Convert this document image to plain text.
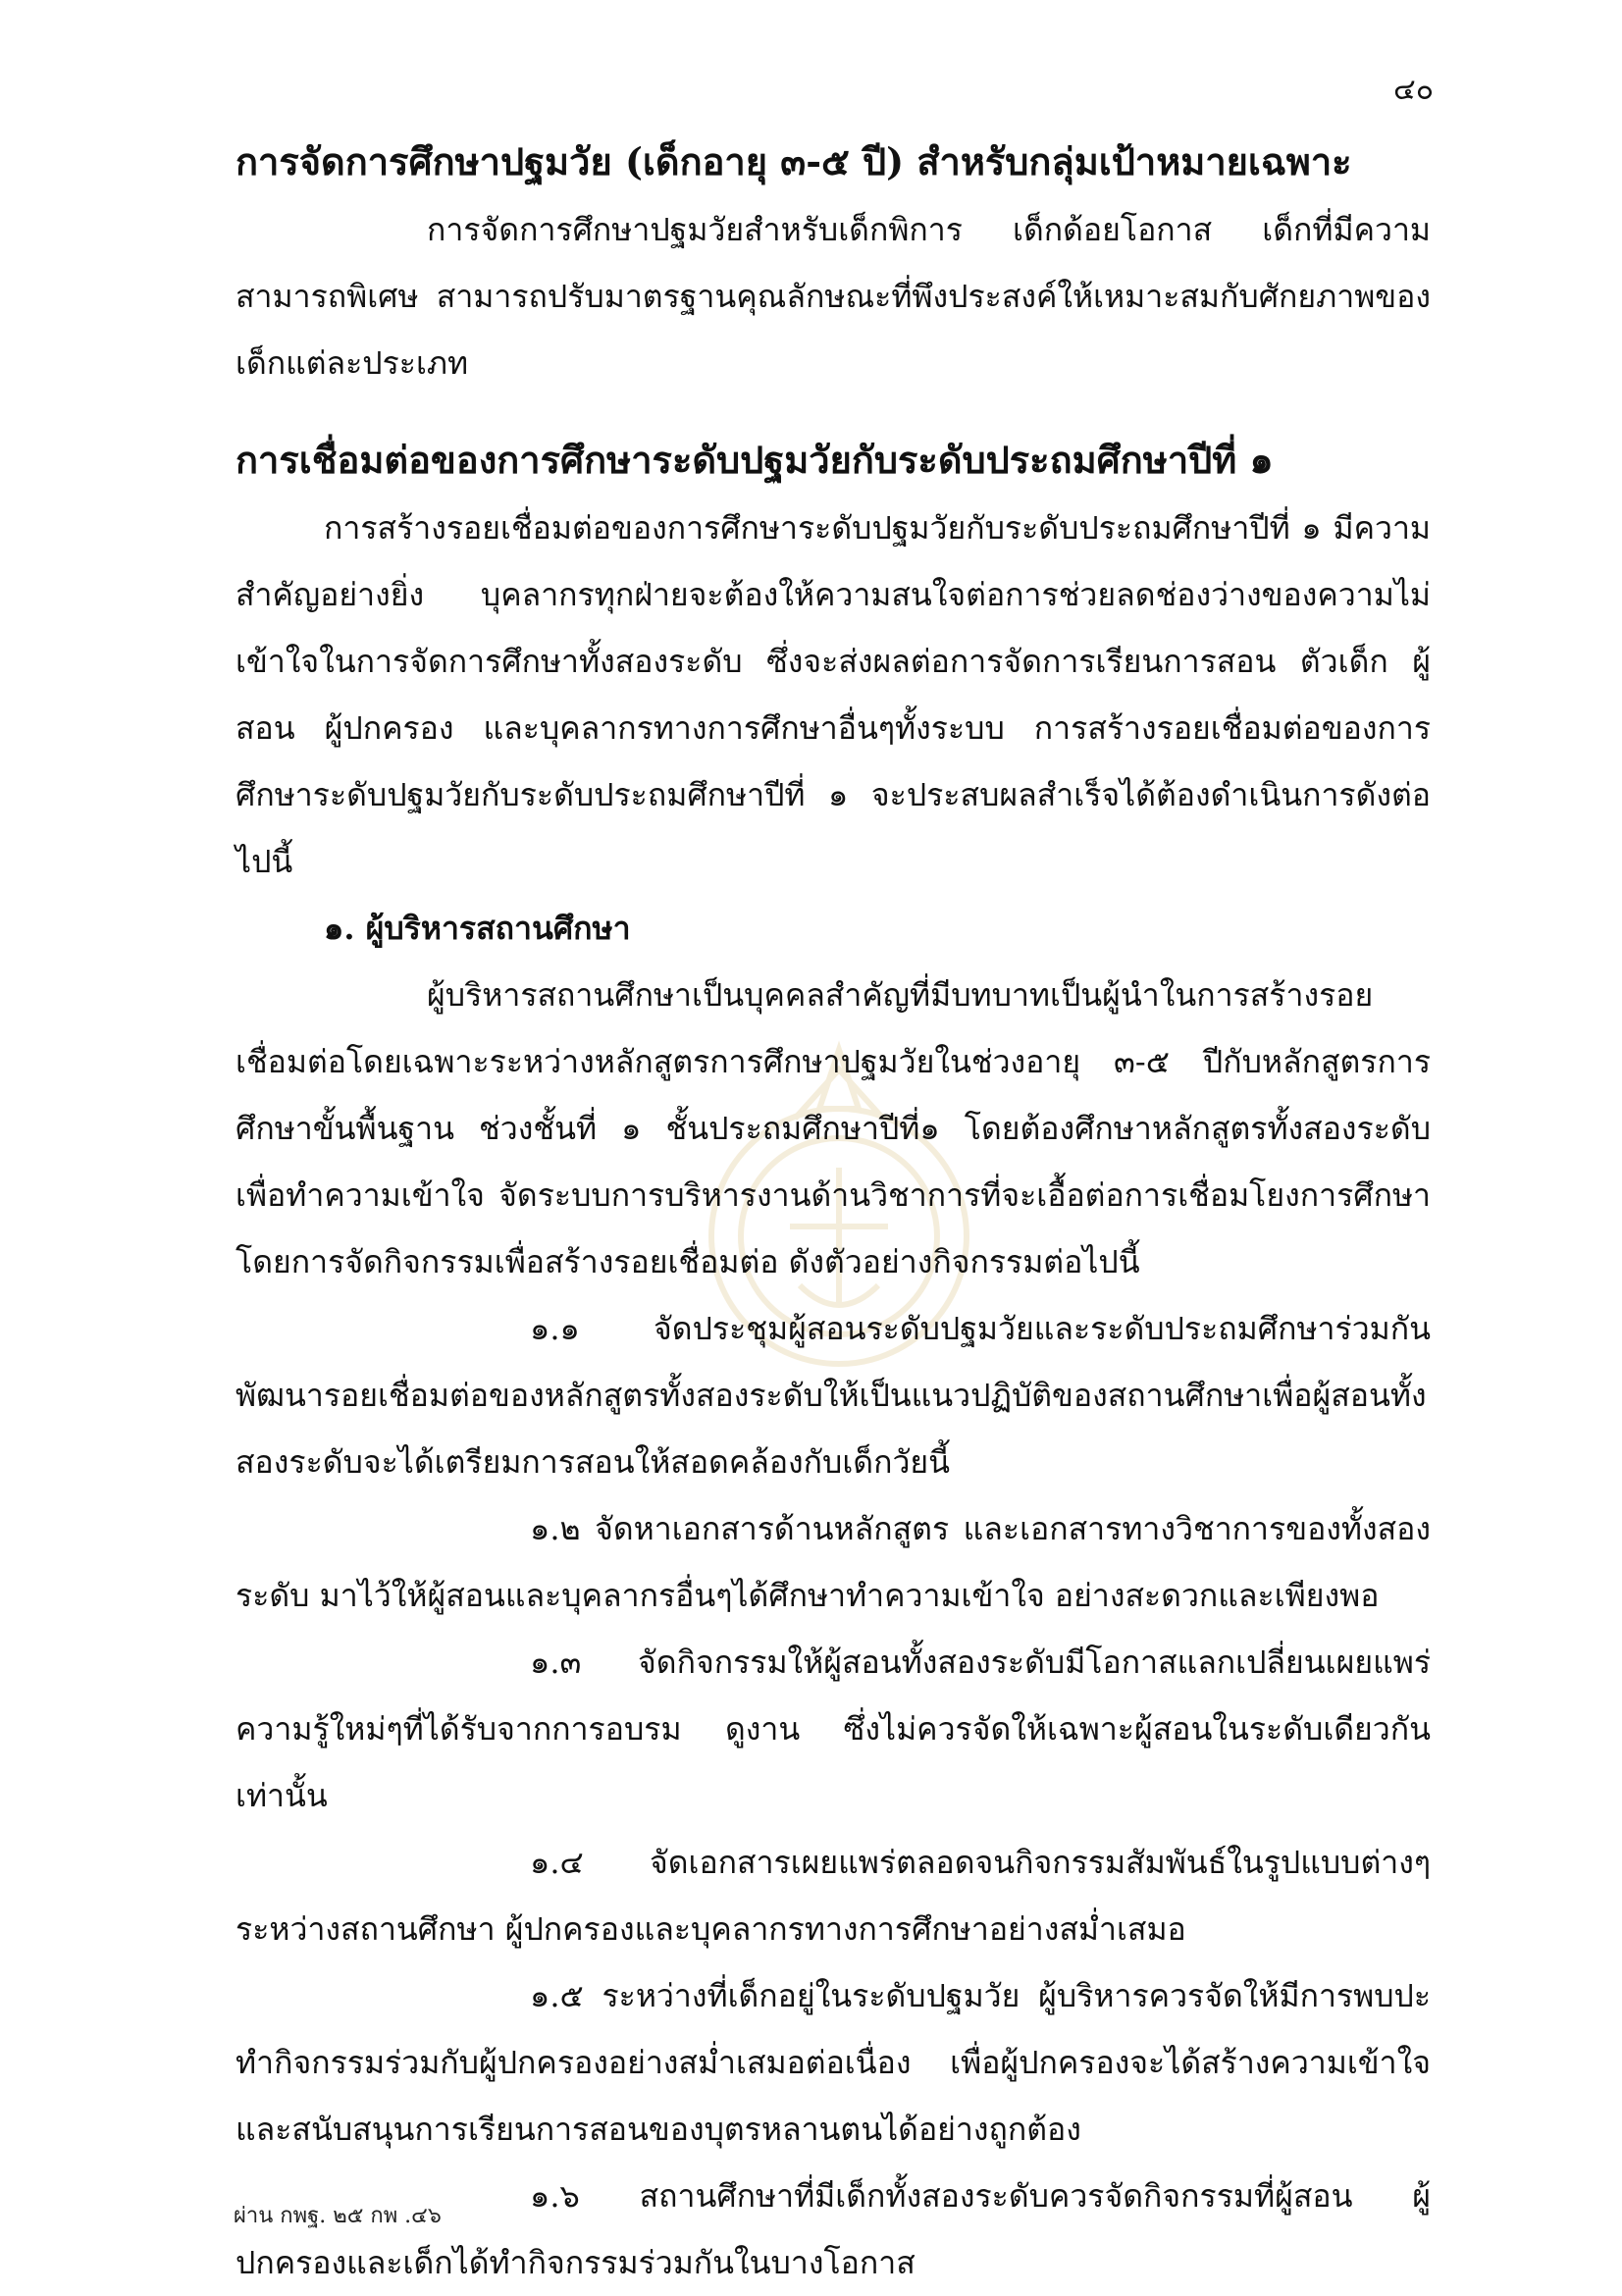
๔๐
การจัดการศึกษาปฐมวัย (เด็กอายุ ๓-๕ ปี) สำหรับกลุ่มเป้าหมายเฉพาะ

การจัดการศึกษาปฐมวัยสำหรับเด็กพิการ เด็กด้อยโอกาส เด็กที่มีความสามารถพิเศษ สามารถปรับมาตรฐานคุณลักษณะที่พึงประสงค์ให้เหมาะสมกับศักยภาพของเด็กแต่ละประเภท

การเชื่อมต่อของการศึกษาระดับปฐมวัยกับระดับประถมศึกษาปีที่ ๑

การสร้างรอยเชื่อมต่อของการศึกษาระดับปฐมวัยกับระดับประถมศึกษาปีที่ ๑ มีความสำคัญอย่างยิ่ง บุคลากรทุกฝ่ายจะต้องให้ความสนใจต่อการช่วยลดช่องว่างของความไม่เข้าใจในการจัดการศึกษาทั้งสองระดับ ซึ่งจะส่งผลต่อการจัดการเรียนการสอน ตัวเด็ก ผู้สอน ผู้ปกครอง และบุคลากรทางการศึกษาอื่นๆทั้งระบบ การสร้างรอยเชื่อมต่อของการศึกษาระดับปฐมวัยกับระดับประถมศึกษาปีที่ ๑ จะประสบผลสำเร็จได้ต้องดำเนินการดังต่อไปนี้

๑. ผู้บริหารสถานศึกษา

ผู้บริหารสถานศึกษาเป็นบุคคลสำคัญที่มีบทบาทเป็นผู้นำในการสร้างรอยเชื่อมต่อโดยเฉพาะระหว่างหลักสูตรการศึกษาปฐมวัยในช่วงอายุ ๓-๕ ปีกับหลักสูตรการศึกษาขั้นพื้นฐาน ช่วงชั้นที่ ๑ ชั้นประถมศึกษาปีที่๑ โดยต้องศึกษาหลักสูตรทั้งสองระดับ เพื่อทำความเข้าใจ จัดระบบการบริหารงานด้านวิชาการที่จะเอื้อต่อการเชื่อมโยงการศึกษาโดยการจัดกิจกรรมเพื่อสร้างรอยเชื่อมต่อ ดังตัวอย่างกิจกรรมต่อไปนี้

๑.๑ จัดประชุมผู้สอนระดับปฐมวัยและระดับประถมศึกษาร่วมกันพัฒนารอยเชื่อมต่อของหลักสูตรทั้งสองระดับให้เป็นแนวปฏิบัติของสถานศึกษาเพื่อผู้สอนทั้งสองระดับจะได้เตรียมการสอนให้สอดคล้องกับเด็กวัยนี้

๑.๒ จัดหาเอกสารด้านหลักสูตร และเอกสารทางวิชาการของทั้งสองระดับ มาไว้ให้ผู้สอนและบุคลากรอื่นๆได้ศึกษาทำความเข้าใจ อย่างสะดวกและเพียงพอ

๑.๓ จัดกิจกรรมให้ผู้สอนทั้งสองระดับมีโอกาสแลกเปลี่ยนเผยแพร่ความรู้ใหม่ๆที่ได้รับจากการอบรม ดูงาน ซึ่งไม่ควรจัดให้เฉพาะผู้สอนในระดับเดียวกันเท่านั้น

๑.๔ จัดเอกสารเผยแพร่ตลอดจนกิจกรรมสัมพันธ์ในรูปแบบต่างๆระหว่างสถานศึกษา ผู้ปกครองและบุคลากรทางการศึกษาอย่างสม่ำเสมอ

๑.๕ ระหว่างที่เด็กอยู่ในระดับปฐมวัย ผู้บริหารควรจัดให้มีการพบปะทำกิจกรรมร่วมกับผู้ปกครองอย่างสม่ำเสมอต่อเนื่อง เพื่อผู้ปกครองจะได้สร้างความเข้าใจและสนับสนุนการเรียนการสอนของบุตรหลานตนได้อย่างถูกต้อง

๑.๖ สถานศึกษาที่มีเด็กทั้งสองระดับควรจัดกิจกรรมที่ผู้สอน ผู้ปกครองและเด็กได้ทำกิจกรรมร่วมกันในบางโอกาส

ผ่าน กพฐ. ๒๕ กพ .๔๖
